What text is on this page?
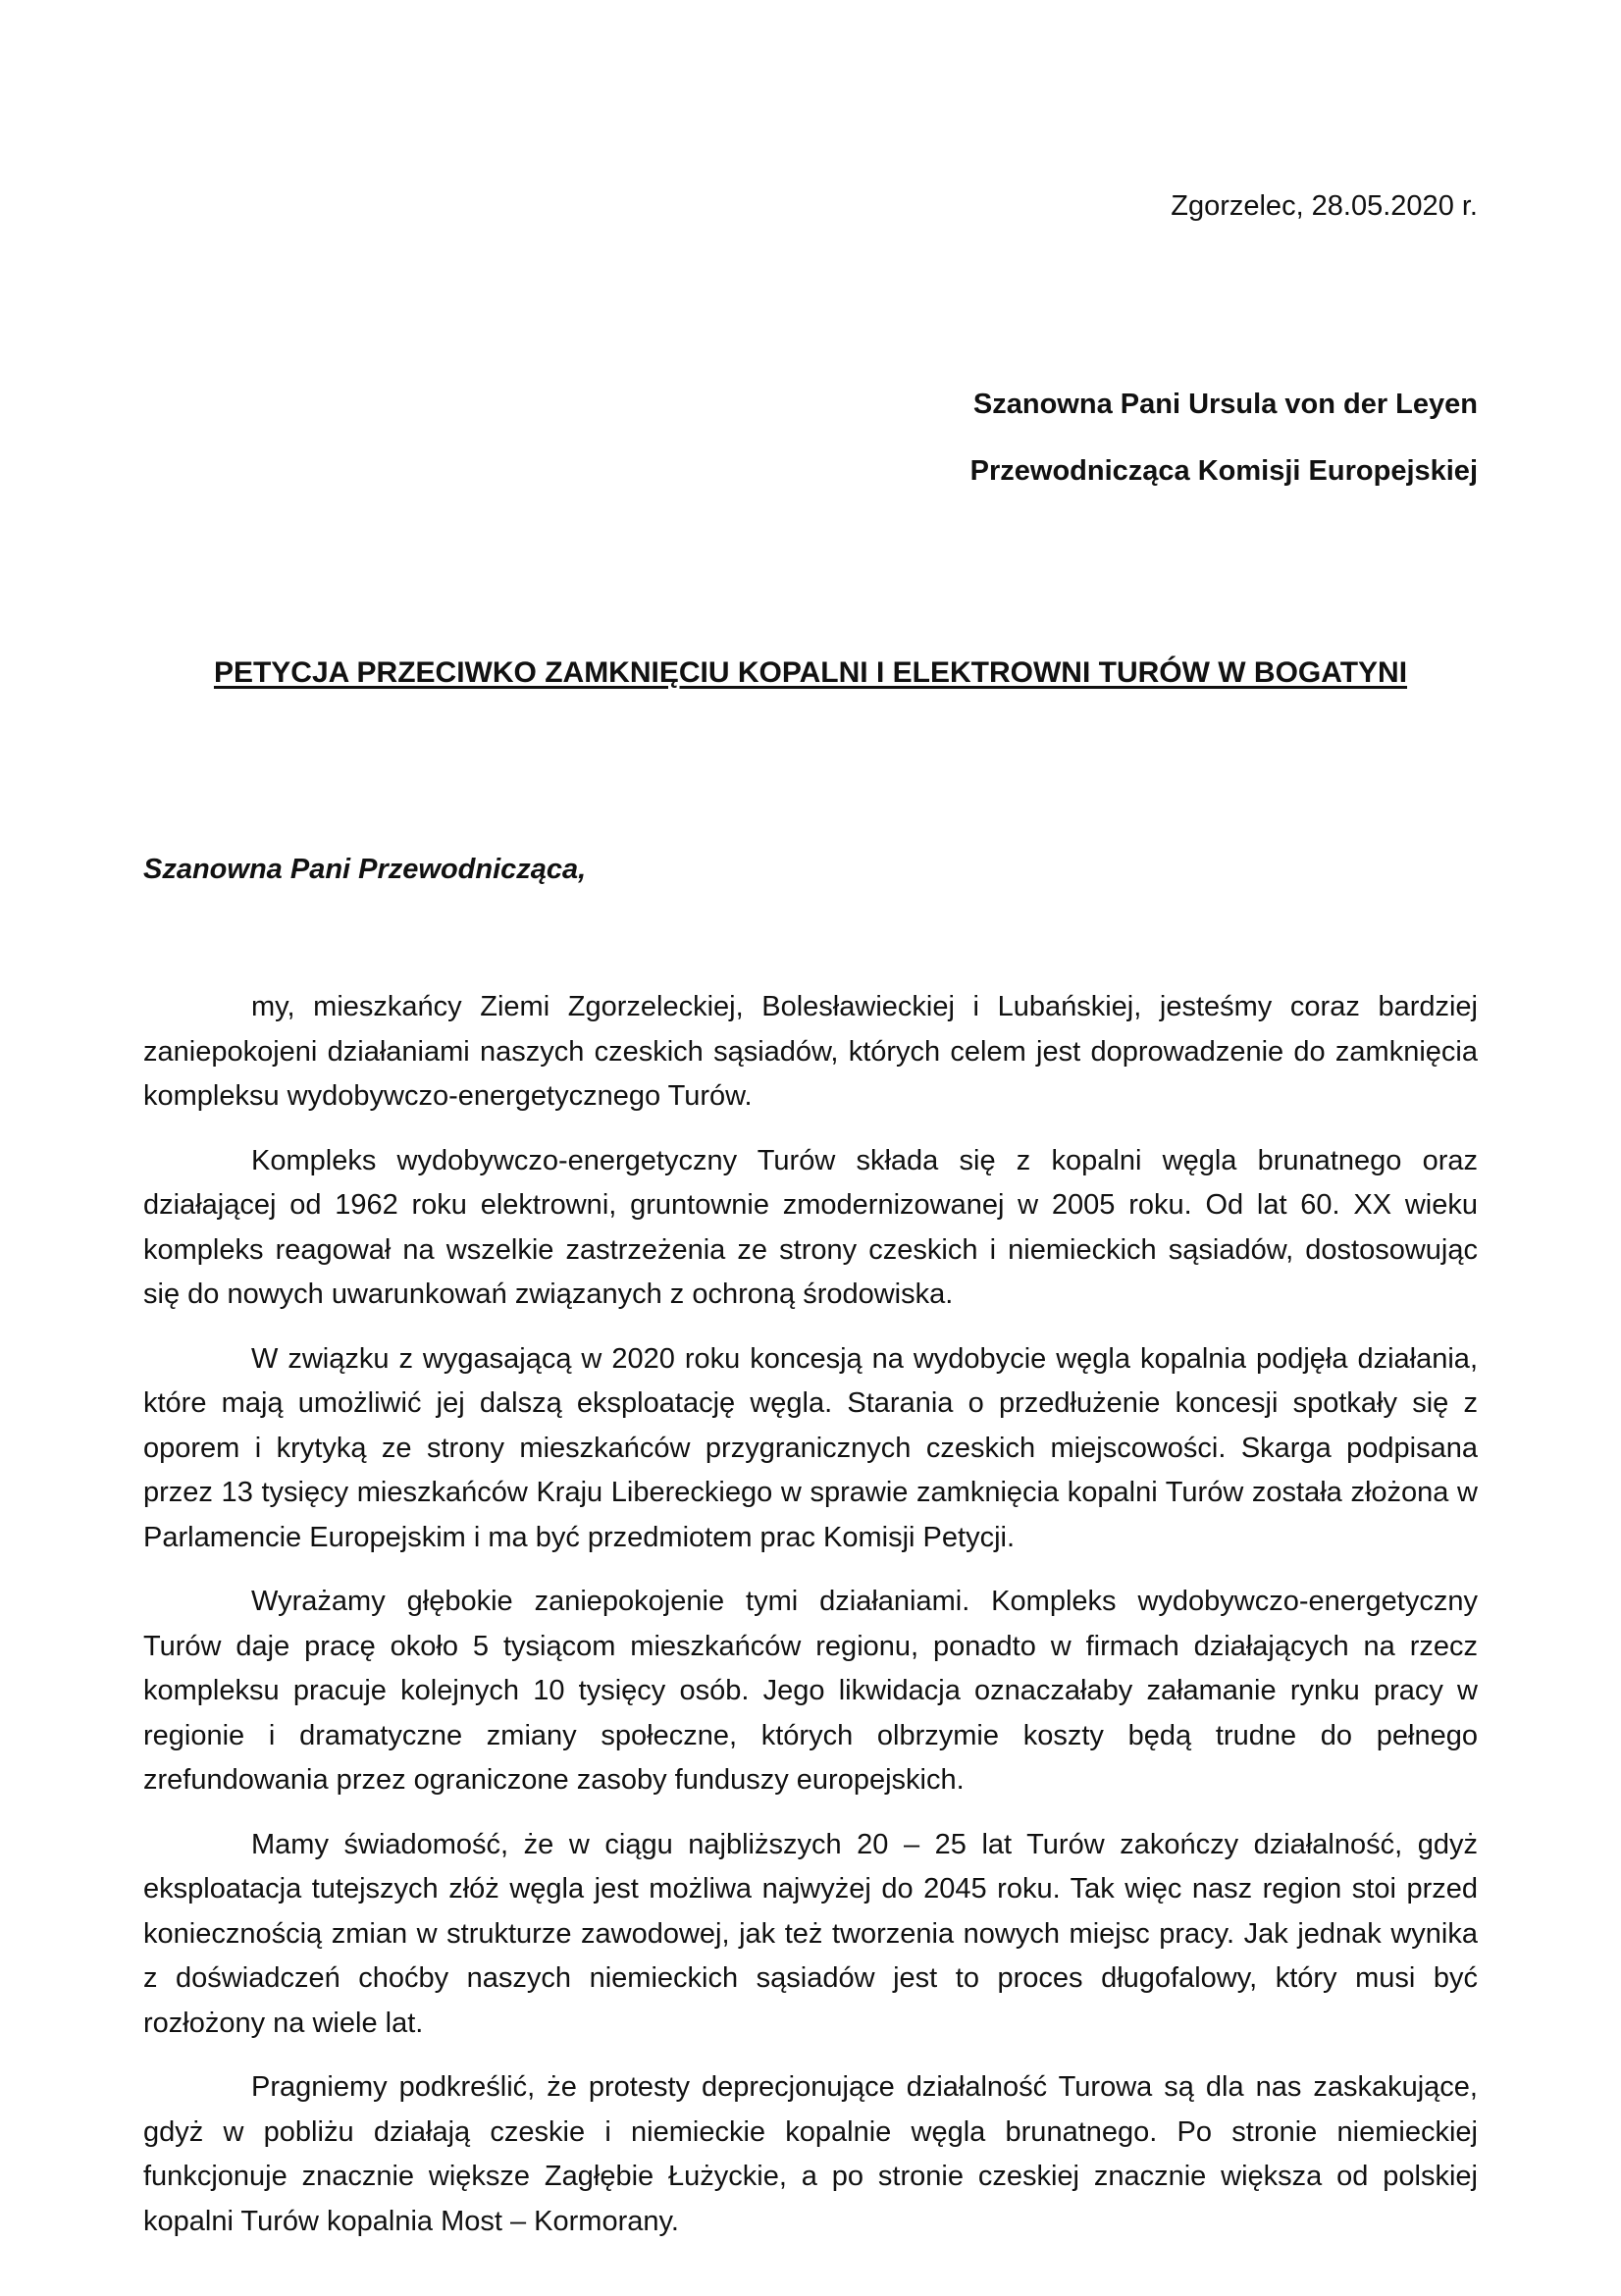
Zgorzelec, 28.05.2020 r.
Szanowna Pani Ursula von der Leyen
Przewodnicząca Komisji Europejskiej
PETYCJA PRZECIWKO ZAMKNIĘCIU KOPALNI I ELEKTROWNI TURÓW W BOGATYNI
Szanowna Pani Przewodnicząca,

my, mieszkańcy Ziemi Zgorzeleckiej, Bolesławieckiej i Lubańskiej, jesteśmy coraz bardziej zaniepokojeni działaniami naszych czeskich sąsiadów, których celem jest doprowadzenie do zamknięcia kompleksu wydobywczo-energetycznego Turów.

Kompleks wydobywczo-energetyczny Turów składa się z kopalni węgla brunatnego oraz działającej od 1962 roku elektrowni, gruntownie zmodernizowanej w 2005 roku. Od lat 60. XX wieku kompleks reagował na wszelkie zastrzeżenia ze strony czeskich i niemieckich sąsiadów, dostosowując się do nowych uwarunkowań związanych z ochroną środowiska.

W związku z wygasającą w 2020 roku koncesją na wydobycie węgla kopalnia podjęła działania, które mają umożliwić jej dalszą eksploatację węgla. Starania o przedłużenie koncesji spotkały się z oporem i krytyką ze strony mieszkańców przygranicznych czeskich miejscowości. Skarga podpisana przez 13 tysięcy mieszkańców Kraju Libereckiego w sprawie zamknięcia kopalni Turów została złożona w Parlamencie Europejskim i ma być przedmiotem prac Komisji Petycji.

Wyrażamy głębokie zaniepokojenie tymi działaniami. Kompleks wydobywczo-energetyczny Turów daje pracę około 5 tysiącom mieszkańców regionu, ponadto w firmach działających na rzecz kompleksu pracuje kolejnych 10 tysięcy osób. Jego likwidacja oznaczałaby załamanie rynku pracy w regionie i dramatyczne zmiany społeczne, których olbrzymie koszty będą trudne do pełnego zrefundowania przez ograniczone zasoby funduszy europejskich.

Mamy świadomość, że w ciągu najbliższych 20 – 25 lat Turów zakończy działalność, gdyż eksploatacja tutejszych złóż węgla jest możliwa najwyżej do 2045 roku. Tak więc nasz region stoi przed koniecznością zmian w strukturze zawodowej, jak też tworzenia nowych miejsc pracy. Jak jednak wynika z doświadczeń choćby naszych niemieckich sąsiadów jest to proces długofalowy, który musi być rozłożony na wiele lat.

Pragniemy podkreślić, że protesty deprecjonujące działalność Turowa są dla nas zaskakujące, gdyż w pobliżu działają czeskie i niemieckie kopalnie węgla brunatnego. Po stronie niemieckiej funkcjonuje znacznie większe Zagłębie Łużyckie, a po stronie czeskiej znacznie większa od polskiej kopalni Turów kopalnia Most – Kormorany.
